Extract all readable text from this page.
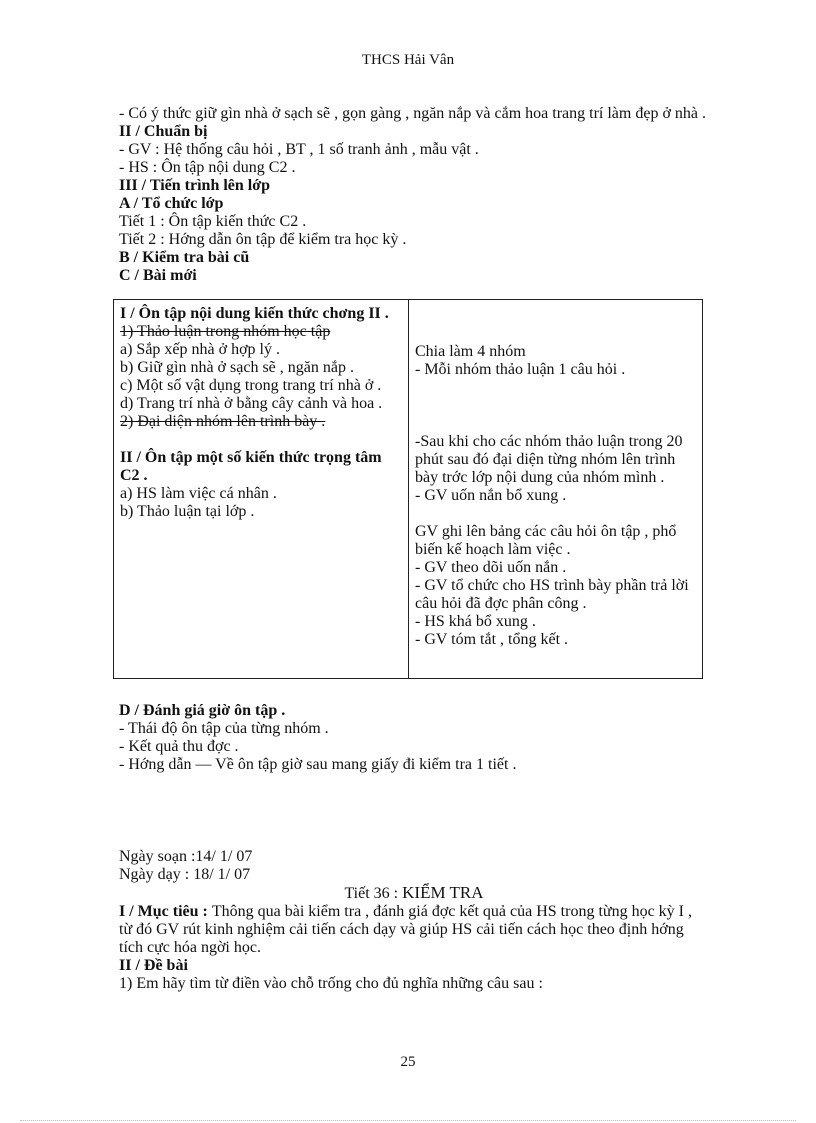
THCS Hải Vân

- Có ý thức giữ gìn nhà ở sạch sẽ , gọn gàng , ngăn nắp và cắm hoa trang trí làm đẹp ở nhà .

II / Chuẩn bị

- GV : Hệ thống câu hỏi , BT , 1 số tranh ảnh , mẫu vật .

- HS : Ôn tập nội dung C2 .

III / Tiến trình lên lớp

A / Tổ chức lớp

Tiết 1 : Ôn tập kiến thức C2 .

Tiết 2 : Hớng dẫn ôn tập để kiểm tra học kỳ .

B / Kiểm tra bài cũ

C / Bài mới

I / Ôn tập nội dung kiến thức chơng II .

1) Thảo luận trong nhóm học tập

a) Sắp xếp nhà ở hợp lý .

b) Giữ gìn nhà ở sạch sẽ , ngăn nắp .

c) Một số vật dụng trong trang trí nhà ở .

d) Trang trí nhà ở bằng cây cảnh và hoa .

2) Đại diện nhóm lên trình bày .

II / Ôn tập một số kiến thức trọng tâm C2 .

a) HS làm việc cá nhân .

b) Thảo luận tại lớp .

Chia làm 4 nhóm

- Mỗi nhóm thảo luận 1 câu hỏi .

-Sau khi cho các nhóm thảo luận trong 20 phút sau đó đại diện từng nhóm lên trình bày trớc lớp nội dung của nhóm mình .

- GV uốn nắn bổ xung .

GV ghi lên bảng các câu hỏi ôn tập , phổ biến kế hoạch làm việc .

- GV theo dõi uốn nắn .

- GV tổ chức cho HS trình bày phần trả lời câu hỏi đã đợc phân công .

- HS khá bổ xung .

- GV tóm tắt , tổng kết .

D / Đánh giá giờ ôn tập .

- Thái độ ôn tập của từng nhóm .

- Kết quả thu đợc .

- Hớng dẫn — Về ôn tập giờ sau mang giấy đi kiểm tra 1 tiết .

Ngày soạn :14/ 1/ 07

Ngày dạy : 18/ 1/ 07

Tiết 36 : KIỂM TRA

I / Mục tiêu : Thông qua bài kiểm tra , đánh giá đợc kết quả của HS trong từng học kỳ I , từ đó GV rút kinh nghiệm cải tiến cách dạy và giúp HS cải tiến cách học theo định hớng tích cực hóa ngời học.

II / Đề bài

1) Em hãy tìm từ điền vào chỗ trống cho đủ nghĩa những câu sau :

25
